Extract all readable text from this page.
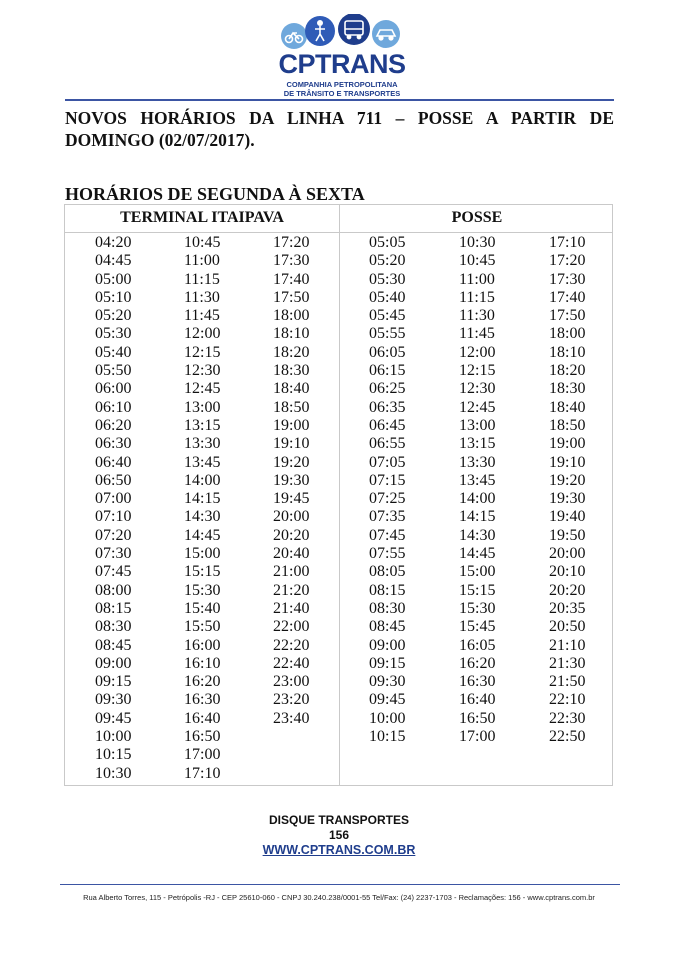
CPTRANS
COMPANHIA PETROPOLITANA
DE TRÂNSITO E TRANSPORTES
NOVOS HORÁRIOS DA LINHA 711 – POSSE A PARTIR DE DOMINGO (02/07/2017).
HORÁRIOS DE SEGUNDA À SEXTA
TERMINAL ITAIPAVA	POSSE
04:20
04:45
05:00
05:10
05:20
05:30
05:40
05:50
06:00
06:10
06:20
06:30
06:40
06:50
07:00
07:10
07:20
07:30
07:45
08:00
08:15
08:30
08:45
09:00
09:15
09:30
09:45
10:00
10:15
10:30
10:45
11:00
11:15
11:30
11:45
12:00
12:15
12:30
12:45
13:00
13:15
13:30
13:45
14:00
14:15
14:30
14:45
15:00
15:15
15:30
15:40
15:50
16:00
16:10
16:20
16:30
16:40
16:50
17:00
17:10
17:20
17:30
17:40
17:50
18:00
18:10
18:20
18:30
18:40
18:50
19:00
19:10
19:20
19:30
19:45
20:00
20:20
20:40
21:00
21:20
21:40
22:00
22:20
22:40
23:00
23:20
23:40
05:05
05:20
05:30
05:40
05:45
05:55
06:05
06:15
06:25
06:35
06:45
06:55
07:05
07:15
07:25
07:35
07:45
07:55
08:05
08:15
08:30
08:45
09:00
09:15
09:30
09:45
10:00
10:15
10:30
10:45
11:00
11:15
11:30
11:45
12:00
12:15
12:30
12:45
13:00
13:15
13:30
13:45
14:00
14:15
14:30
14:45
15:00
15:15
15:30
15:45
16:05
16:20
16:30
16:40
16:50
17:00
17:10
17:20
17:30
17:40
17:50
18:00
18:10
18:20
18:30
18:40
18:50
19:00
19:10
19:20
19:30
19:40
19:50
20:00
20:10
20:20
20:35
20:50
21:10
21:30
21:50
22:10
22:30
22:50
DISQUE TRANSPORTES
156
WWW.CPTRANS.COM.BR
Rua Alberto Torres, 115 - Petrópolis -RJ - CEP 25610-060 - CNPJ 30.240.238/0001-55 Tel/Fax: (24) 2237-1703 - Reclamações: 156 - www.cptrans.com.br
